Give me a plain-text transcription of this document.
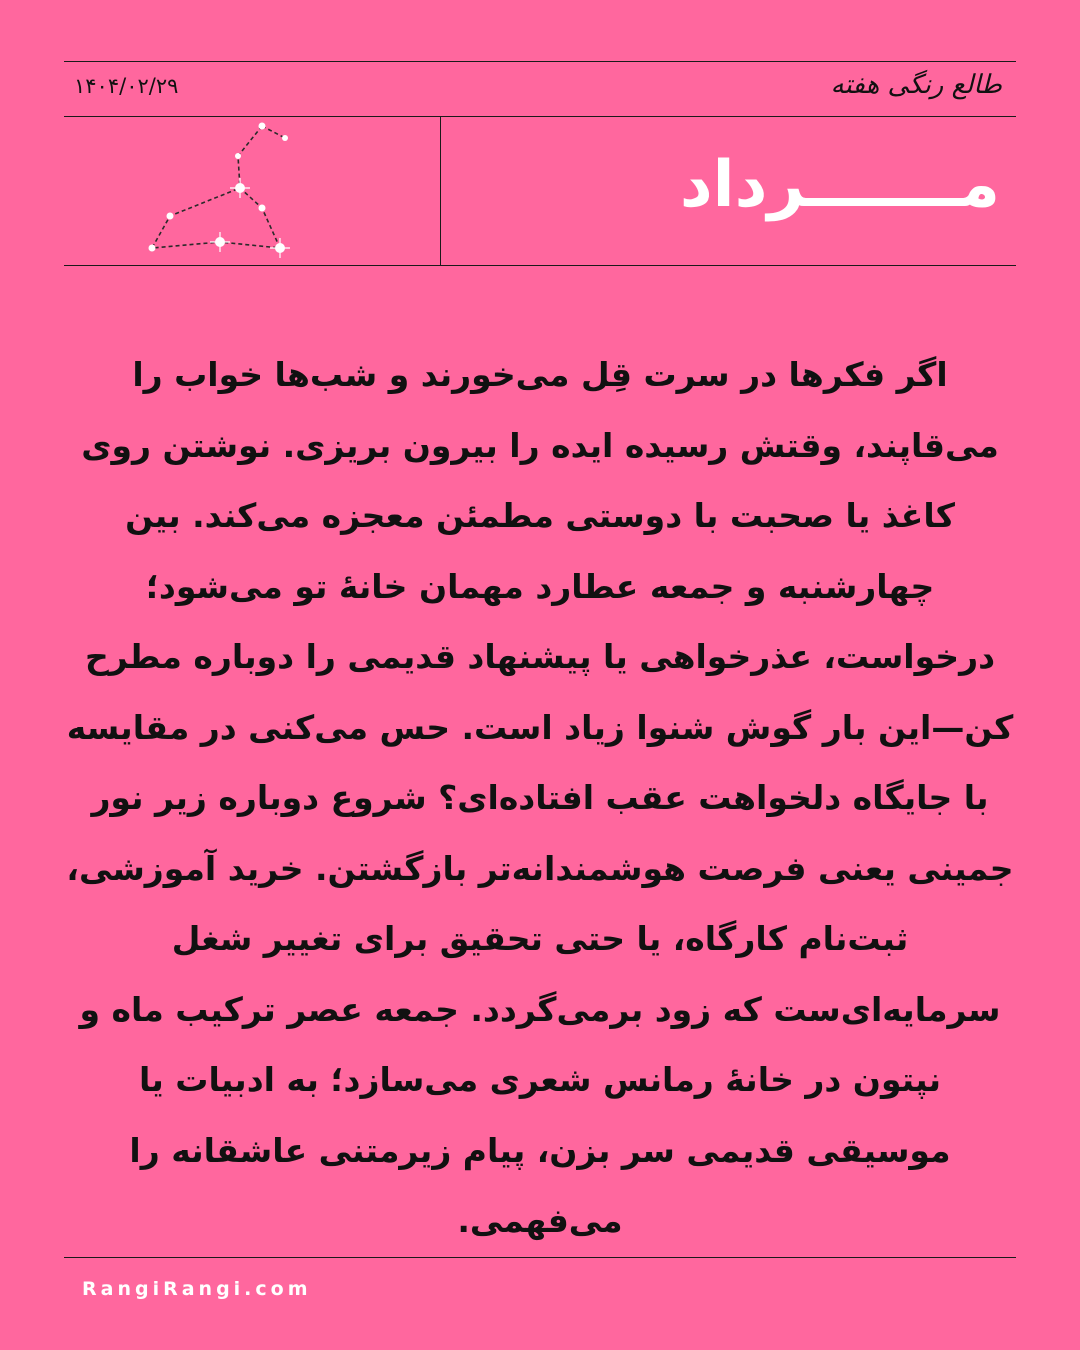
طالع رنگی هفته
۱۴۰۴/۰۲/۲۹
مـــــــرداد
اگر فکرها در سرت قِل می‌خورند و شب‌ها خواب را می‌قاپند، وقتش رسیده ایده را بیرون بریزی. نوشتن روی کاغذ یا صحبت با دوستی مطمئن معجزه می‌کند. بین چهارشنبه و جمعه عطارد مهمان خانهٔ تو می‌شود؛ درخواست، عذرخواهی یا پیشنهاد قدیمی را دوباره مطرح کن—این بار گوش شنوا زیاد است. حس می‌کنی در مقایسه با جایگاه دلخواهت عقب افتاده‌ای؟ شروع دوباره زیر نور جمینی یعنی فرصت هوشمندانه‌تر بازگشتن. خرید آموزشی، ثبت‌نام کارگاه، یا حتی تحقیق برای تغییر شغل سرمایه‌ای‌ست که زود برمی‌گردد. جمعه عصر ترکیب ماه و نپتون در خانهٔ رمانس شعری می‌سازد؛ به ادبیات یا موسیقی قدیمی سر بزن، پیام زیرمتنی عاشقانه را می‌فهمی.
RangiRangi.com
